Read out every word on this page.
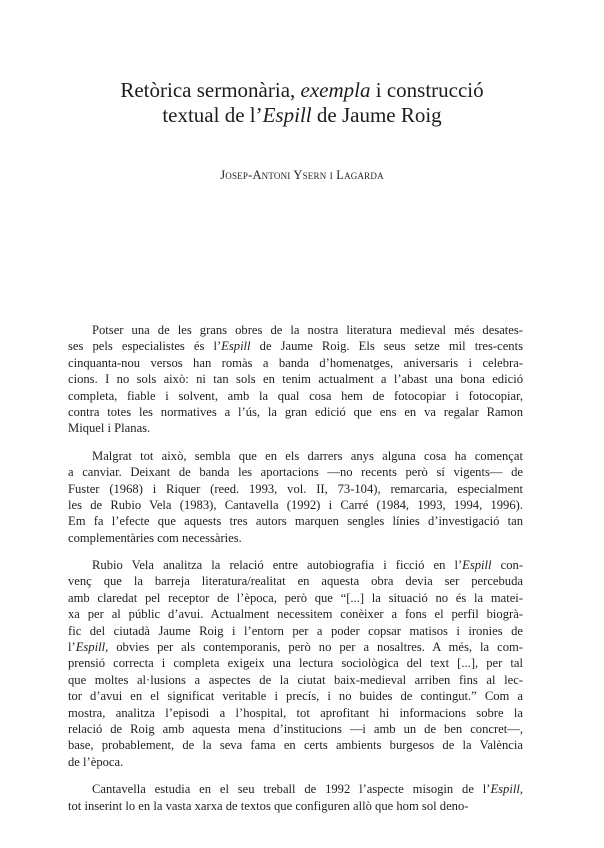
Retòrica sermonària, exempla i construcció
textual de l’Espill de Jaume Roig
Josep-Antoni Ysern i Lagarda
Potser una de les grans obres de la nostra literatura medieval més desates-
ses pels especialistes és l’Espill de Jaume Roig. Els seus setze mil tres-cents
cinquanta-nou versos han romàs a banda d’homenatges, aniversaris i celebra-
cions. I no sols això: ni tan sols en tenim actualment a l’abast una bona edició
completa, fiable i solvent, amb la qual cosa hem de fotocopiar i fotocopiar,
contra totes les normatives a l’ús, la gran edició que ens en va regalar Ramon
Miquel i Planas.
Malgrat tot això, sembla que en els darrers anys alguna cosa ha començat
a canviar. Deixant de banda les aportacions —no recents però sí vigents— de
Fuster (1968) i Riquer (reed. 1993, vol. II, 73-104), remarcaria, especialment
les de Rubio Vela (1983), Cantavella (1992) i Carré (1984, 1993, 1994, 1996).
Em fa l’efecte que aquests tres autors marquen sengles línies d’investigació tan
complementàries com necessàries.
Rubio Vela analitza la relació entre autobiografia i ficció en l’Espill con-
venç que la barreja literatura/realitat en aquesta obra devia ser percebuda
amb claredat pel receptor de l’època, però que “[...] la situació no és la matei-
xa per al públic d’avui. Actualment necessitem conèixer a fons el perfil biogrà-
fic del ciutadà Jaume Roig i l’entorn per a poder copsar matisos i ironies de
l’Espill, obvies per als contemporanis, però no per a nosaltres. A més, la com-
prensió correcta i completa exigeix una lectura sociològica del text [...], per tal
que moltes al·lusions a aspectes de la ciutat baix-medieval arriben fins al lec-
tor d’avui en el significat veritable i precís, i no buides de contingut.” Com a
mostra, analitza l’episodi a l’hospital, tot aprofitant hi informacions sobre la
relació de Roig amb aquesta mena d’institucions —i amb un de ben concret—,
base, probablement, de la seva fama en certs ambients burgesos de la València
de l’època.
Cantavella estudia en el seu treball de 1992 l’aspecte misogin de l’Espill,
tot inserint lo en la vasta xarxa de textos que configuren allò que hom sol deno-
